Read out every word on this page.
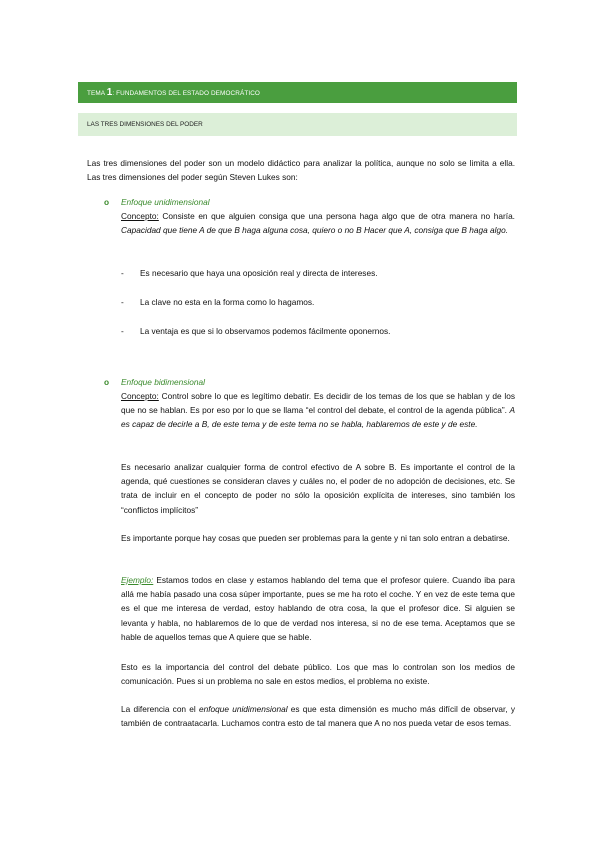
TEMA 1: FUNDAMENTOS DEL ESTADO DEMOCRÁTICO
LAS TRES DIMENSIONES DEL PODER
Las tres dimensiones del poder son un modelo didáctico para analizar la política, aunque no solo se limita a ella. Las tres dimensiones del poder según Steven Lukes son:
o Enfoque unidimensional
Concepto: Consiste en que alguien consiga que una persona haga algo que de otra manera no haría. Capacidad que tiene A de que B haga alguna cosa, quiero o no B Hacer que A, consiga que B haga algo.
- Es necesario que haya una oposición real y directa de intereses.
- La clave no esta en la forma como lo hagamos.
- La ventaja es que si lo observamos podemos fácilmente oponernos.
o Enfoque bidimensional
Concepto: Control sobre lo que es legítimo debatir. Es decidir de los temas de los que se hablan y de los que no se hablan. Es por eso por lo que se llama “el control del debate, el control de la agenda pública”. A es capaz de decirle a B, de este tema y de este tema no se habla, hablaremos de este y de este.
Es necesario analizar cualquier forma de control efectivo de A sobre B. Es importante el control de la agenda, qué cuestiones se consideran claves y cuáles no, el poder de no adopción de decisiones, etc. Se trata de incluir en el concepto de poder no sólo la oposición explícita de intereses, sino también los “conflictos implícitos”
Es importante porque hay cosas que pueden ser problemas para la gente y ni tan solo entran a debatirse.
Ejemplo: Estamos todos en clase y estamos hablando del tema que el profesor quiere. Cuando iba para allá me había pasado una cosa súper importante, pues se me ha roto el coche. Y en vez de este tema que es el que me interesa de verdad, estoy hablando de otra cosa, la que el profesor dice. Si alguien se levanta y habla, no hablaremos de lo que de verdad nos interesa, si no de ese tema. Aceptamos que se hable de aquellos temas que A quiere que se hable.
Esto es la importancia del control del debate público. Los que mas lo controlan son los medios de comunicación. Pues si un problema no sale en estos medios, el problema no existe.
La diferencia con el enfoque unidimensional es que esta dimensión es mucho más difícil de observar, y también de contraatacarla. Luchamos contra esto de tal manera que A no nos pueda vetar de esos temas.
